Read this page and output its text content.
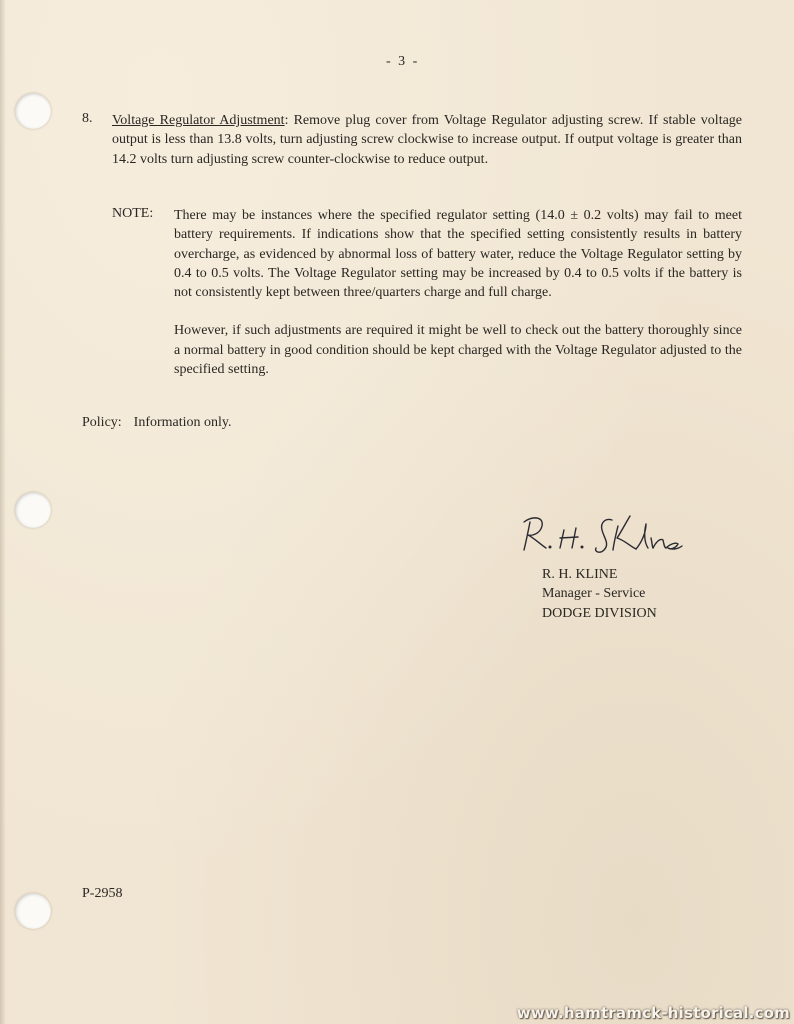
- 3 -
8. Voltage Regulator Adjustment: Remove plug cover from Voltage Regulator adjusting screw. If stable voltage output is less than 13.8 volts, turn adjusting screw clockwise to increase output. If output voltage is greater than 14.2 volts turn adjusting screw counter-clockwise to reduce output.
NOTE: There may be instances where the specified regulator setting (14.0 ± 0.2 volts) may fail to meet battery requirements. If indications show that the specified setting consistently results in battery overcharge, as evidenced by abnormal loss of battery water, reduce the Voltage Regulator setting by 0.4 to 0.5 volts. The Voltage Regulator setting may be increased by 0.4 to 0.5 volts if the battery is not consistently kept between three/quarters charge and full charge.

However, if such adjustments are required it might be well to check out the battery thoroughly since a normal battery in good condition should be kept charged with the Voltage Regulator adjusted to the specified setting.

Policy: Information only.
R. H. KLINE
Manager - Service
DODGE DIVISION
P-2958
www.hamtramck-historical.com
